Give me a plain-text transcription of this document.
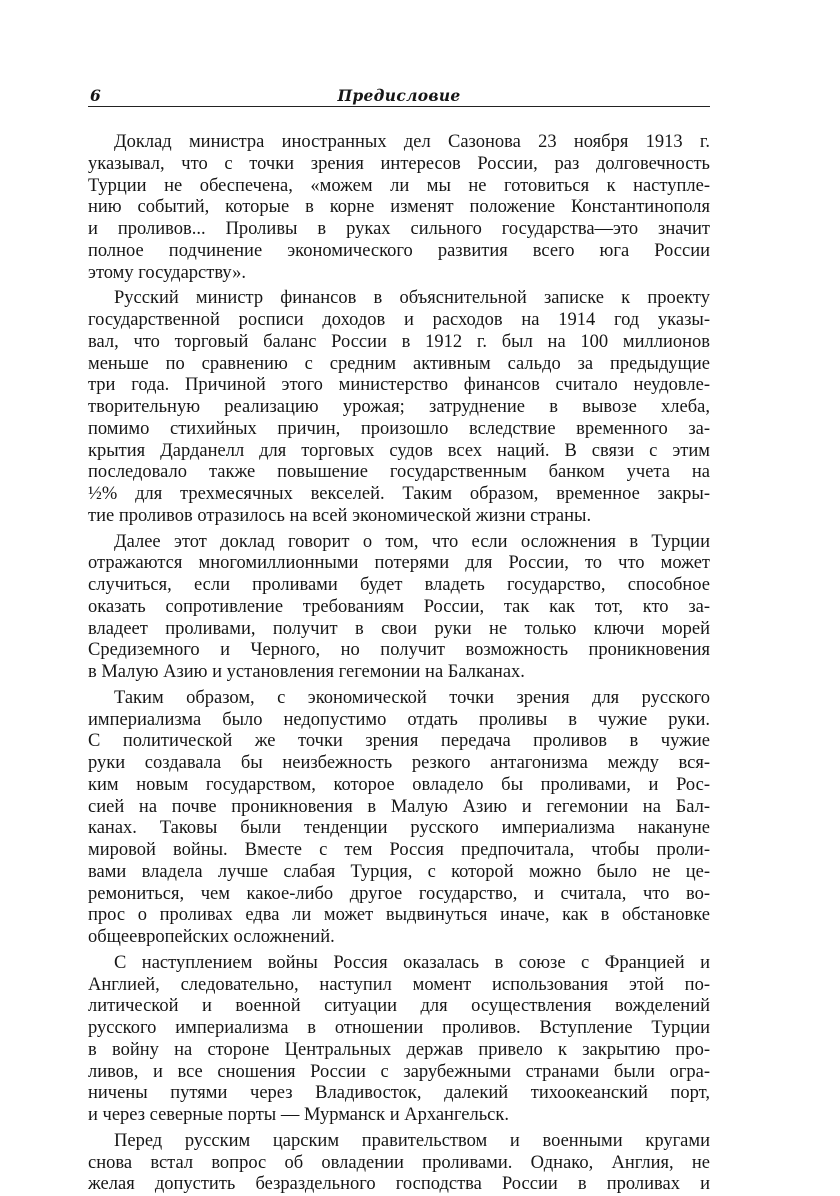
6	Предисловие
Доклад министра иностранных дел Сазонова 23 ноября 1913 г.
указывал, что с точки зрения интересов России, раз долговечность
Турции не обеспечена, «можем ли мы не готовиться к наступле-
нию событий, которые в корне изменят положение Константинополя
и проливов... Проливы в руках сильного государства—это значит
полное подчинение экономического развития всего юга России
этому государству».
Русский министр финансов в объяснительной записке к проекту
государственной росписи доходов и расходов на 1914 год указы-
вал, что торговый баланс России в 1912 г. был на 100 миллионов
меньше по сравнению с средним активным сальдо за предыдущие
три года. Причиной этого министерство финансов считало неудовле-
творительную реализацию урожая; затруднение в вывозе хлеба,
помимо стихийных причин, произошло вследствие временного за-
крытия Дарданелл для торговых судов всех наций. В связи с этим
последовало также повышение государственным банком учета на
½% для трехмесячных векселей. Таким образом, временное закры-
тие проливов отразилось на всей экономической жизни страны.
Далее этот доклад говорит о том, что если осложнения в Турции
отражаются многомиллионными потерями для России, то что может
случиться, если проливами будет владеть государство, способное
оказать сопротивление требованиям России, так как тот, кто за-
владеет проливами, получит в свои руки не только ключи морей
Средиземного и Черного, но получит возможность проникновения
в Малую Азию и установления гегемонии на Балканах.
Таким образом, с экономической точки зрения для русского
империализма было недопустимо отдать проливы в чужие руки.
С политической же точки зрения передача проливов в чужие
руки создавала бы неизбежность резкого антагонизма между вся-
ким новым государством, которое овладело бы проливами, и Рос-
сией на почве проникновения в Малую Азию и гегемонии на Бал-
канах. Таковы были тенденции русского империализма накануне
мировой войны. Вместе с тем Россия предпочитала, чтобы проли-
вами владела лучше слабая Турция, с которой можно было не це-
ремониться, чем какое-либо другое государство, и считала, что во-
прос о проливах едва ли может выдвинуться иначе, как в обстановке
общеевропейских осложнений.
С наступлением войны Россия оказалась в союзе с Францией и
Англией, следовательно, наступил момент использования этой по-
литической и военной ситуации для осуществления вожделений
русского империализма в отношении проливов. Вступление Турции
в войну на стороне Центральных держав привело к закрытию про-
ливов, и все сношения России с зарубежными странами были огра-
ничены путями через Владивосток, далекий тихоокеанский порт,
и через северные порты — Мурманск и Архангельск.
Перед русским царским правительством и военными кругами
снова встал вопрос об овладении проливами. Однако, Англия, не
желая допустить безраздельного господства России в проливах и
